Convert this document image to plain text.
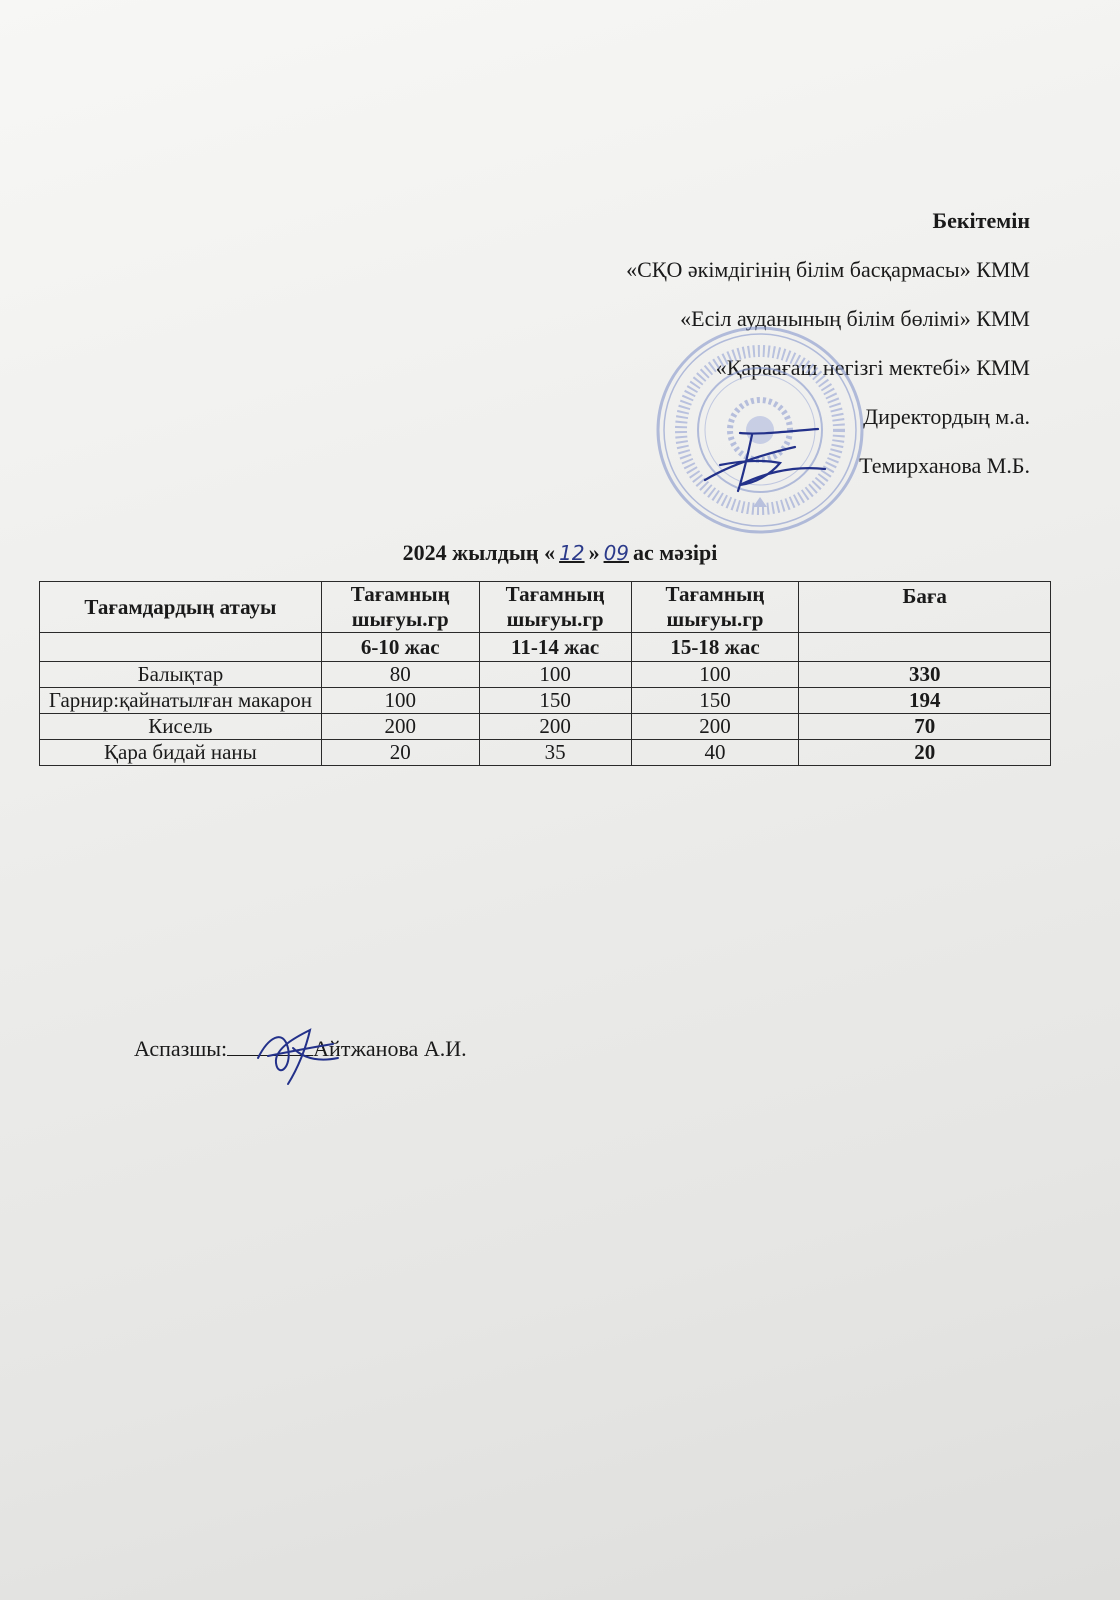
Бекітемін
«СҚО әкімдігінің білім басқармасы» КММ
«Есіл ауданының білім бөлімі» КММ
«Қараағаш негізгі мектебі» КММ
Директордың м.а.
Темирханова М.Б.
2024 жылдың « 12 » 09 ас мәзірі
Тағамдардың атауы	Тағамның шығуы.гр	Тағамның шығуы.гр	Тағамның шығуы.гр	Баға
	6-10 жас	11-14 жас	15-18 жас	
Балықтар	80	100	100	330
Гарнир:қайнатылған макарон	100	150	150	194
Кисель	200	200	200	70
Қара бидай наны	20	35	40	20
Аспазшы:	Айтжанова А.И.
